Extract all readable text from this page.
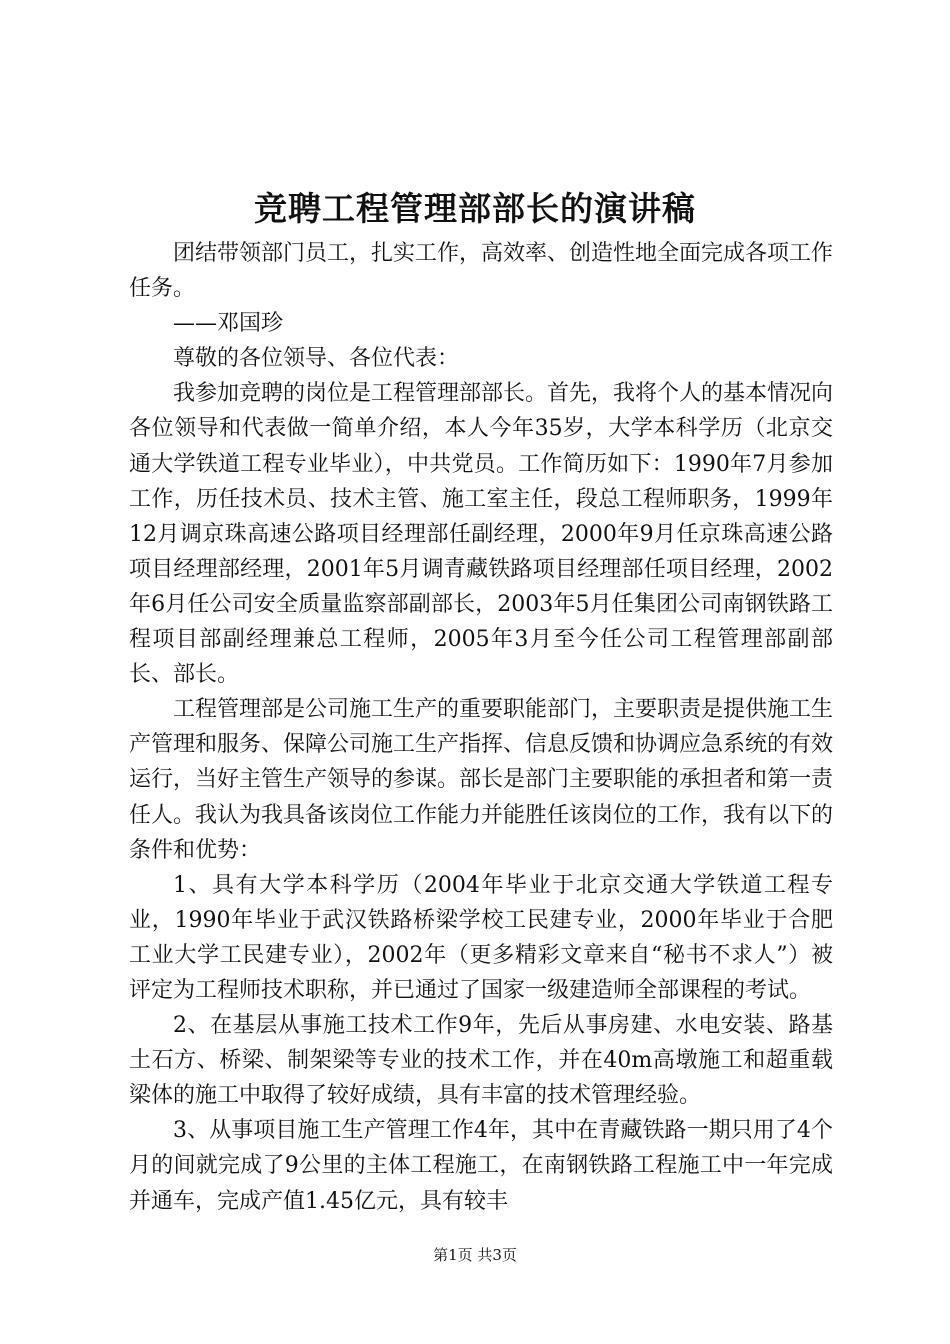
竞聘工程管理部部长的演讲稿

团结带领部门员工，扎实工作，高效率、创造性地全面完成各项工作任务。

——邓国珍

尊敬的各位领导、各位代表：

我参加竞聘的岗位是工程管理部部长。首先，我将个人的基本情况向各位领导和代表做一简单介绍，本人今年35岁，大学本科学历（北京交通大学铁道工程专业毕业），中共党员。工作简历如下：1990年7月参加工作，历任技术员、技术主管、施工室主任，段总工程师职务，1999年12月调京珠高速公路项目经理部任副经理，2000年9月任京珠高速公路项目经理部经理，2001年5月调青藏铁路项目经理部任项目经理，2002年6月任公司安全质量监察部副部长，2003年5月任集团公司南钢铁路工程项目部副经理兼总工程师，2005年3月至今任公司工程管理部副部长、部长。

工程管理部是公司施工生产的重要职能部门，主要职责是提供施工生产管理和服务、保障公司施工生产指挥、信息反馈和协调应急系统的有效运行，当好主管生产领导的参谋。部长是部门主要职能的承担者和第一责任人。我认为我具备该岗位工作能力并能胜任该岗位的工作，我有以下的条件和优势：

1、具有大学本科学历（2004年毕业于北京交通大学铁道工程专业，1990年毕业于武汉铁路桥梁学校工民建专业，2000年毕业于合肥工业大学工民建专业），2002年（更多精彩文章来自“秘书不求人”）被评定为工程师技术职称，并已通过了国家一级建造师全部课程的考试。

2、在基层从事施工技术工作9年，先后从事房建、水电安装、路基土石方、桥梁、制架梁等专业的技术工作，并在40m高墩施工和超重载梁体的施工中取得了较好成绩，具有丰富的技术管理经验。

3、从事项目施工生产管理工作4年，其中在青藏铁路一期只用了4个月的间就完成了9公里的主体工程施工，在南钢铁路工程施工中一年完成并通车，完成产值1.45亿元，具有较丰

第1页 共3页
